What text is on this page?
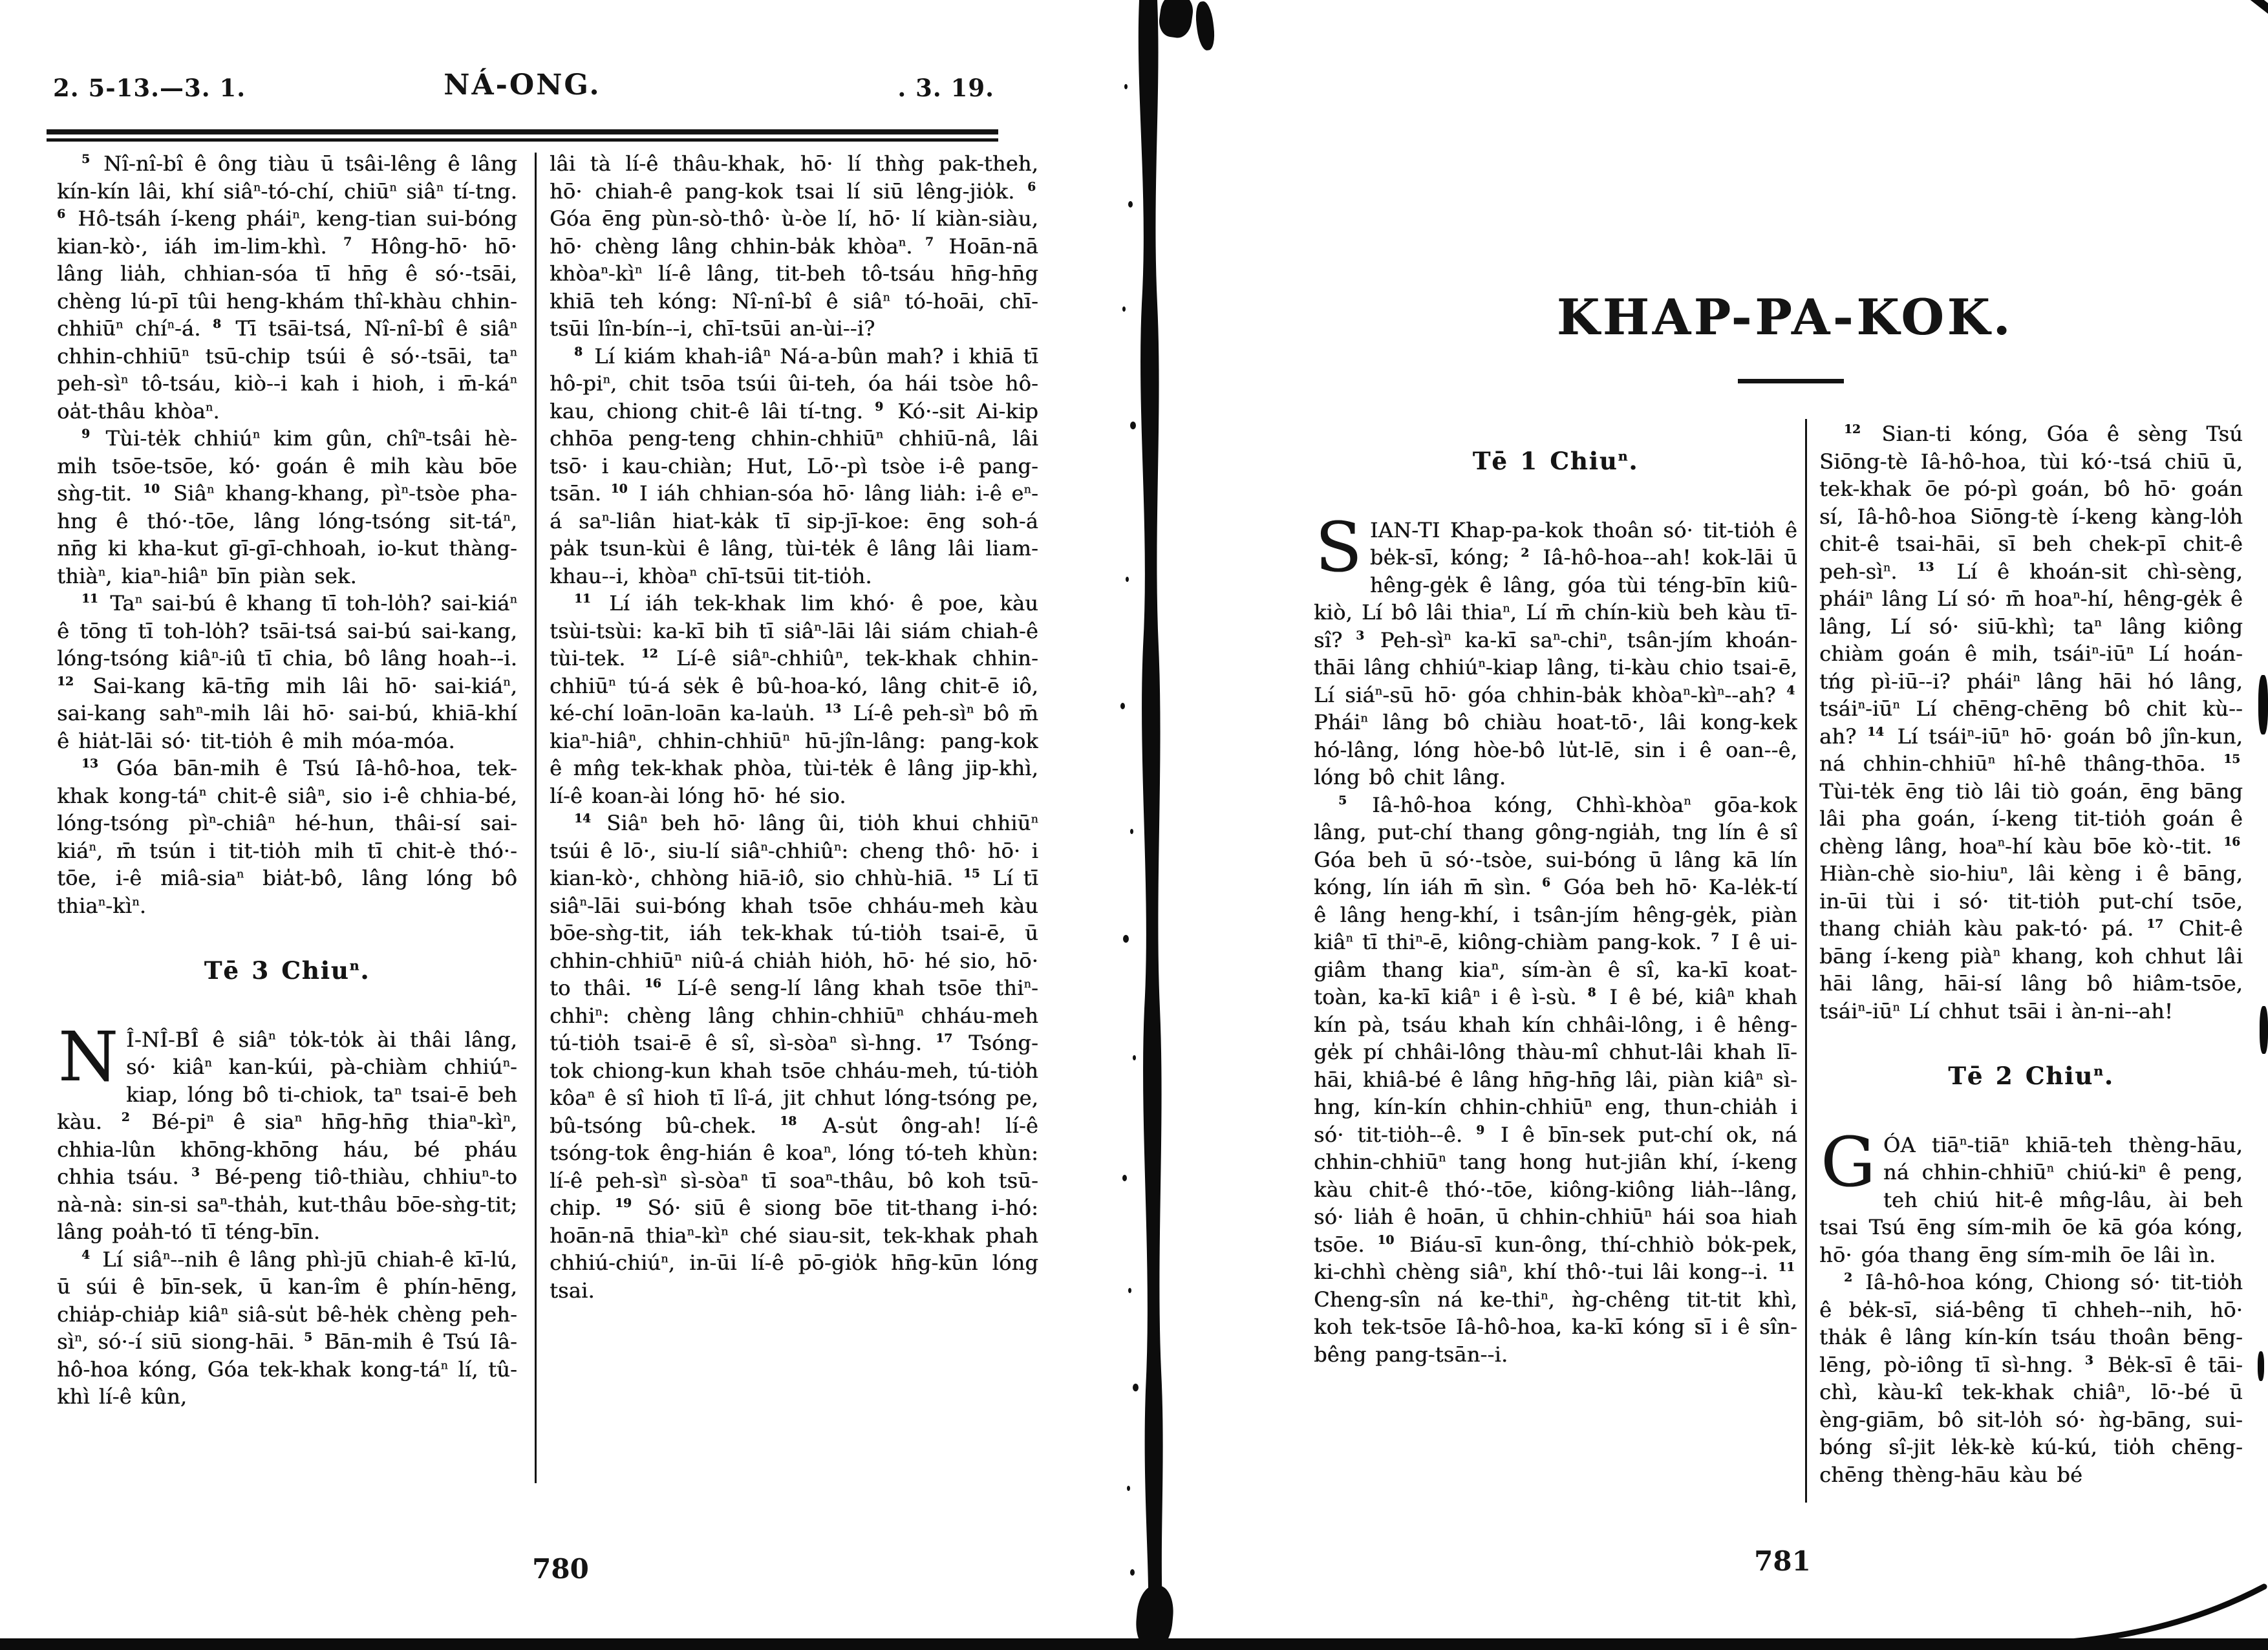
2. 5-13.—3. 1.	NÁ-ONG.	. 3. 19.

$^5$ Nî-nî-bî ê ông tiàu ū tsâi-lêng ê lâng kín-kín lâi, khí siâ$^n$-tó-chí, chiū$^n$ siâ$^n$ tí-tng. $^6$ Hô-tsáh í-keng phái$^n$, keng-tian sui-bóng kian-kò·, iáh im-lim-khì. $^7$ Hông-hō· hō· lâng lia̍h, chhian-sóa tī hn̄g ê só·-tsāi, chèng lú-pī tûi heng-khám thî-khàu chhin-chhiū$^n$ chí$^n$-á. $^8$ Tī tsāi-tsá, Nî-nî-bî ê siâ$^n$ chhin-chhiū$^n$ tsū-chip tsúi ê só·-tsāi, $ta^n$ peh-$sì^n$ tô-tsáu, kiò--i kah i hioh, i $m̄-ká^n$ oa̍t-thâu khòa$^n$.

$^9$ Tùi-te̍k chhiú$^n$ kim gûn, chî$^n$-tsâi hè-mi̍h tsōe-tsōe, kó· goán ê mi̍h kàu bōe sǹg-tit. $^{10}$ Siâ$^n$ khang-khang, $pì^n$-tsòe pha-hng ê thó·-tōe, lâng lóng-tsóng sit-$tá^n$, nn̄g ki kha-kut gī-gī-chhoah, io-kut thàng-thià$^n$, kia$^n$-hiâ$^n$ bīn piàn sek.

$^{11}$ Ta$^n$ sai-bú ê khang tī toh-lo̍h? sai-kiá$^n$ ê tōng tī toh-lo̍h? tsāi-tsá sai-bú sai-kang, lóng-tsóng kiâ$^n$-iû tī chia, bô lâng hoah--i. $^{12}$ Sai-kang kā-tn̄g mi̍h lâi hō· sai-kiá$^n$, sai-kang sah$^n$-mi̍h lâi hō· sai-bú, khiā-khí ê hia̍t-lāi só· tit-tio̍h ê mi̍h móa-móa.

$^{13}$ Góa bān-mi̍h ê Tsú Iâ-hô-hoa, tek-khak kong-$tá^n$ chit-ê siâ$^n$, sio i-ê chhia-bé, lóng-tsóng $pì^n-chiâ^n$ hé-hun, thâi-sí sai-kiá$^n$, m̄ tsún i tit-tio̍h mi̍h tī chit-è thó·-tōe, i-ê miâ-sia$^n$ bia̍t-bô, lâng lóng bô $thia^n-kì^n$.

Tē 3 Chiu$^n$.

N Î-NÎ-BÎ ê siâ$^n$ to̍k-to̍k ài thâi lâng, só· kiâ$^n$ kan-kúi, pà-chiàm chhiú$^n$-kiap, lóng bô ti-chiok, $ta^n$ tsai-ē beh kàu. $^2$ $Bé-pi^n$ ê sia$^n$ hn̄g-hn̄g $thia^n-kì^n$, chhia-lûn khōng-khōng háu, bé pháu chhia tsáu. $^3$ Bé-peng tiô-thiàu, chhiu$^n$-to nà-nà: sin-si $sa^n-tha̍h$, kut-thâu bōe-sǹg-tit; lâng poa̍h-tó tī téng-bīn.

$^4$ Lí siâ$^n$--nih ê lâng phì-jū chiah-ê kī-lú, ū súi ê bīn-sek, ū kan-îm ê phín-hēng, chia̍p-chia̍p kiâ$^n$ siâ-su̍t bê-he̍k chèng peh-$sì^n$, só·-í siū siong-hāi. $^5$ Bān-mi̍h ê Tsú Iâ-hô-hoa kóng, Góa tek-khak kong-$tá^n$ lí, tû-khì lí-ê kûn,

lâi tà lí-ê thâu-khak, hō· lí thǹg pak-theh, hō· chiah-ê pang-kok tsai lí siū lêng-jio̍k. $^6$ Góa ēng pùn-sò-thô· ù-òe lí, hō· lí kiàn-siàu, hō· chèng lâng chhin-ba̍k khòa$^n$. $^7$ Hoān-nā $khòa^n-kì^n$ lí-ê lâng, tit-beh tô-tsáu hn̄g-hn̄g khiā teh kóng: Nî-nî-bî ê siâ$^n$ tó-hoāi, chī-tsūi lîn-bín--i, chī-tsūi an-ùi--i?

$^8$ Lí kiám khah-$iâ^n$ Ná-a-bûn mah? i khiā tī $hô-pi^n$, chit tsōa tsúi ûi-teh, óa hái tsòe hô-kau, chiong chit-ê lâi tí-tng. $^9$ Kó·-sit Ai-kip chhōa peng-teng chhin-chhiū$^n$ chhiū-nâ, lâi tsō· i kau-chiàn; Hut, Lō·-pì tsòe i-ê pang-tsān. $^{10}$ I iáh chhian-sóa hō· lâng lia̍h: i-ê $e^n-á$ $sa^n$-liân hiat-ka̍k tī sip-jī-koe: ēng soh-á pa̍k tsun-kùi ê lâng, tùi-te̍k ê lâng lâi liam-khau--i, khòa$^n$ chī-tsūi tit-tio̍h.

$^{11}$ Lí iáh tek-khak lim khó· ê poe, kàu tsùi-tsùi: ka-kī bih tī siâ$^n$-lāi lâi siám chiah-ê tùi-tek. $^{12}$ Lí-ê siâ$^n$-chhiû$^n$, tek-khak chhin-chhiū$^n$ tú-á se̍k ê bû-hoa-kó, lâng chit-ē iô, ké-chí loān-loān ka-lau̍h. $^{13}$ Lí-ê peh-$sì^n$ bô m̄ kia$^n$-hiâ$^n$, chhin-chhiū$^n$ hū-jîn-lâng: pang-kok ê mn̂g tek-khak phòa, tùi-te̍k ê lâng jip-khì, lí-ê koan-ài lóng hō· hé sio.

$^{14}$ Siâ$^n$ beh hō· lâng ûi, tio̍h khui chhiū$^n$ tsúi ê lō·, siu-lí siâ$^n$-chhiû$^n$: cheng thô· hō· i kian-kò·, chhòng hiā-iô, sio chhù-hiā. $^{15}$ Lí tī siâ$^n$-lāi sui-bóng khah tsōe chháu-meh kàu bōe-sǹg-tit, iáh tek-khak tú-tio̍h tsai-ē, ū chhin-chhiū$^n$ niû-á chia̍h hio̍h, hō· hé sio, hō· to thâi. $^{16}$ Lí-ê seng-lí lâng khah tsōe thi$^n$-chhi$^n$: chèng lâng chhin-chhiū$^n$ chháu-meh tú-tio̍h tsai-ē ê sî, sì-sòa$^n$ sì-hng. $^{17}$ Tsóng-tok chiong-kun khah tsōe chháu-meh, tú-tio̍h kôa$^n$ ê sî hioh tī lî-á, jit chhut lóng-tsóng pe, bû-tsóng bû-chek. $^{18}$ A-su̍t ông-ah! lí-ê tsóng-tok êng-hián ê koa$^n$, lóng tó-teh khùn: lí-ê peh-$sì^n$ sì-sòa$^n$ tī soa$^n$-thâu, bô koh tsū-chip. $^{19}$ Só· siū ê siong bōe tit-thang i-hó: hoān-nā $thia^n-kì^n$ ché siau-sit, tek-khak phah chhiú-chiú$^n$, in-ūi lí-ê pō-gio̍k hn̄g-kūn lóng tsai.

780
KHAP-PA-KOK.
Tē 1 Chiu$^n$.

SIAN-TI Khap-pa-kok thoân só· tit-tio̍h ê be̍k-sī, kóng; $^2$ Iâ-hô-hoa--ah! kok-lāi ū hêng-ge̍k ê lâng, góa tùi téng-bīn kiû-kiò, Lí bô lâi thia$^n$, Lí m̄ chín-kiù beh kàu tī-sî? $^3$ Peh-$sì^n$ ka-kī $sa^n-chi^n$, tsân-jím khoán-thāi lâng chhiú$^n$-kiap lâng, ti-kàu chio tsai-ē, Lí siá$^n$-sū hō· góa chhin-ba̍k $khòa^n-kì^n--ah$? $^4$ Phái$^n$ lâng bô chiàu hoat-tō·, lâi kong-kek hó-lâng, lóng hòe-bô lu̍t-lē, sin i ê oan--ê, lóng bô chit lâng.

$^5$ Iâ-hô-hoa kóng, Chhì-khòa$^n$ gōa-kok lâng, put-chí thang gông-ngia̍h, tng lín ê sî Góa beh ū só·-tsòe, sui-bóng ū lâng kā lín kóng, lín iáh m̄ sìn. $^6$ Góa beh hō· Ka-le̍k-tí ê lâng heng-khí, i tsân-jím hêng-ge̍k, piàn kiâ$^n$ tī thi$^n$-ē, kiông-chiàm pang-kok. $^7$ I ê ui-giâm thang kia$^n$, sím-àn ê sî, ka-kī koat-toàn, ka-kī kiâ$^n$ i ê ì-sù. $^8$ I ê bé, kiâ$^n$ khah kín pà, tsáu khah kín chhâi-lông, i ê hêng-ge̍k pí chhâi-lông thàu-mî chhut-lâi khah lī-hāi, khiâ-bé ê lâng hn̄g-hn̄g lâi, piàn kiâ$^n$ sì-hng, kín-kín chhin-chhiū$^n$ eng, thun-chia̍h i só· tit-tio̍h--ê. $^9$ I ê bīn-sek put-chí ok, ná chhin-chhiū$^n$ tang hong hut-jiân khí, í-keng kàu chit-ê thó·-tōe, kiông-kiông lia̍h--lâng, só· lia̍h ê hoān, ū chhin-chhiū$^n$ hái soa hiah tsōe. $^{10}$ Biáu-sī kun-ông, thí-chhiò bo̍k-pek, ki-chhì chèng siâ$^n$, khí thô·-tui lâi kong--i. $^{11}$ Cheng-sîn ná ke-thi$^n$, ǹg-chêng tit-tit khì, koh tek-tsōe Iâ-hô-hoa, ka-kī kóng sī i ê sîn-bêng pang-tsān--i.

$^{12}$ Sian-ti kóng, Góa ê sèng Tsú Siōng-tè Iâ-hô-hoa, tùi kó·-tsá chiū ū, tek-khak ōe pó-pì goán, bô hō· goán sí, Iâ-hô-hoa Siōng-tè í-keng kàng-lo̍h chit-ê tsai-hāi, sī beh chek-pī chit-ê peh-$sì^n$. $^{13}$ Lí ê khoán-sit chì-sèng, phái$^n$ lâng Lí só· m̄ hoa$^n$-hí, hêng-ge̍k ê lâng, Lí só· siū-khì; $ta^n$ lâng kiông chiàm goán ê mi̍h, $tsái^n-iū^n$ Lí hoán-tńg pì-iū--i? phái$^n$ lâng hāi hó lâng, $tsái^n-iū^n$ Lí chēng-chēng bô chit kù--ah? $^{14}$ Lí $tsái^n-iū^n$ hō· goán bô jîn-kun, ná chhin-chhiū$^n$ hî-hê thâng-thōa. $^{15}$ Tùi-te̍k ēng tiò lâi tiò goán, ēng bāng lâi pha goán, í-keng tit-tio̍h goán ê chèng lâng, hoa$^n$-hí kàu bōe kò·-tit. $^{16}$ Hiàn-chè sio-hiu$^n$, lâi kèng i ê bāng, in-ūi tùi i só· tit-tio̍h put-chí tsōe, thang chia̍h kàu pak-tó· pá. $^{17}$ Chit-ê bāng í-keng pià$^n$ khang, koh chhut lâi hāi lâng, hāi-sí lâng bô hiâm-tsōe, $tsái^n-iū^n$ Lí chhut tsāi i àn-ni--ah!

Tē 2 Chiu$^n$.

GÓA tiā$^n$-tiā$^n$ khiā-teh thèng-hāu, ná chhin-chhiū$^n$ chiú-$ki^n$ ê peng, teh chiú hit-ê mn̂g-lâu, ài beh tsai Tsú ēng sím-mi̍h ōe kā góa kóng, hō· góa thang ēng sím-mi̍h ōe lâi ìn.

$^2$ Iâ-hô-hoa kóng, Chiong só· tit-tio̍h ê be̍k-sī, siá-bêng tī chheh--nih, hō· tha̍k ê lâng kín-kín tsáu thoân bēng-lēng, pò-iông tī sì-hng. $^3$ Be̍k-sī ê tāi-chì, kàu-kî tek-khak chiâ$^n$, lō·-bé ū èng-giām, bô sit-lo̍h só· ǹg-bāng, sui-bóng sî-jit le̍k-kè kú-kú, tio̍h chēng-chēng thèng-hāu kàu bé

781
